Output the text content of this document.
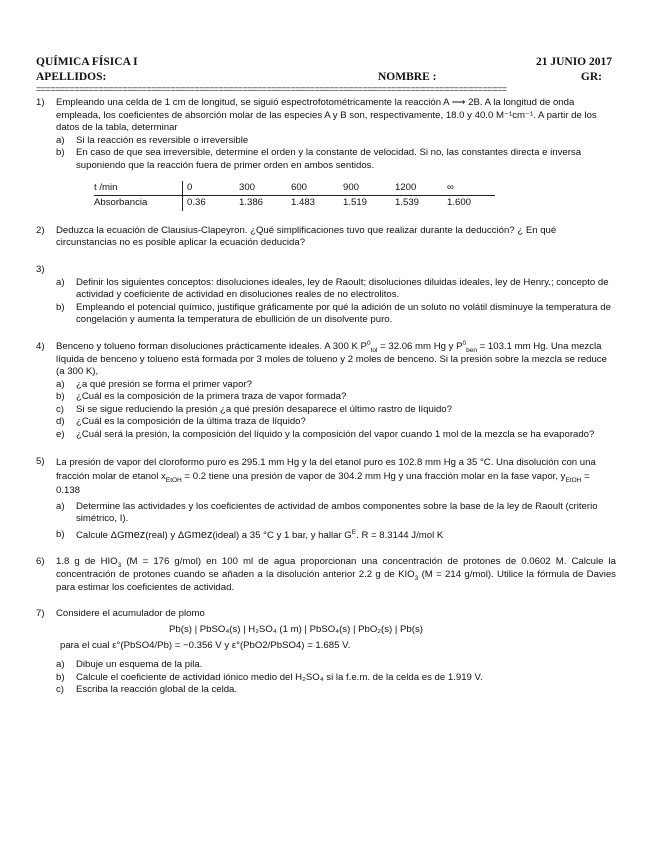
QUÍMICA FÍSICA I	21 JUNIO 2017
APELLIDOS:	NOMBRE :	GR:
==================================================================================================
1) Empleando una celda de 1 cm de longitud, se siguió espectrofotométricamente la reacción A ⟶ 2B. A la longitud de onda empleada, los coeficientes de absorción molar de las especies A y B son, respectivamente, 18.0 y 40.0 M⁻¹cm⁻¹. A partir de los datos de la tabla, determinar
a) Si la reacción es reversible o irreversible
b) En caso de que sea irreversible, determine el orden y la constante de velocidad. Si no, las constantes directa e inversa suponiendo que la reacción fuera de primer orden en ambos sentidos.
t /min	0	300	600	900	1200	∞
Absorbancia	0.36	1.386	1.483	1.519	1.539	1.600
2) Deduzca la ecuación de Clausius-Clapeyron. ¿Qué simplificaciones tuvo que realizar durante la deducción? ¿ En qué circunstancias no es posible aplicar la ecuación deducida?
3)
a) Definir los siguientes conceptos: disoluciones ideales, ley de Raoult; disoluciones diluidas ideales, ley de Henry.; concepto de actividad y coeficiente de actividad en disoluciones reales de no electrolitos.
b) Empleando el potencial químico, justifique gráficamente por qué la adición de un soluto no volátil disminuye la temperatura de congelación y aumenta la temperatura de ebullición de un disolvente puro.
4) Benceno y tolueno forman disoluciones prácticamente ideales. A 300 K $P^0_{tol} = 32.06$ mm Hg y $P^0_{ben} = 103.1$ mm Hg. Una mezcla líquida de benceno y tolueno está formada por 3 moles de tolueno y 2 moles de benceno. Si la presión sobre la mezcla se reduce (a 300 K),
a) ¿a qué presión se forma el primer vapor?
b) ¿Cuál es la composición de la primera traza de vapor formada?
c) Si se sigue reduciendo la presión ¿a qué presión desaparece el último rastro de líquido?
d) ¿Cuál es la composición de la última traza de líquido?
e) ¿Cuál será la presión, la composición del líquido y la composición del vapor cuando 1 mol de la mezcla se ha evaporado?
5) La presión de vapor del cloroformo puro es 295.1 mm Hg y la del etanol puro es 102.8 mm Hg a 35 °C. Una disolución con una fracción molar de etanol $x_{EtOH} = 0.2$ tiene una presión de vapor de 304.2 mm Hg y una fracción molar en la fase vapor, $y_{EtOH} = 0.138$
a) Determine las actividades y los coeficientes de actividad de ambos componentes sobre la base de la ley de Raoult (criterio simétrico, I).
b) Calcule ΔGmez(real) y ΔGmez(ideal) a 35 °C y 1 bar, y hallar $G^E$. R = 8.3144 J/mol K
6) 1.8 g de $HIO_3$ (M = 176 g/mol) en 100 ml de agua proporcionan una concentración de protones de 0.0602 M. Calcule la concentración de protones cuando se añaden a la disolución anterior 2.2 g de $KIO_3$ (M = 214 g/mol). Utilice la fórmula de Davies para estimar los coeficientes de actividad.
7) Considere el acumulador de plomo
Pb(s) | PbSO₄(s) | H₂SO₄ (1 m) | PbSO₄(s) | PbO₂(s) | Pb(s)
para el cual ε°(PbSO4/Pb) = −0.356 V y ε°(PbO2/PbSO4) = 1.685 V.
a) Dibuje un esquema de la pila.
b) Calcule el coeficiente de actividad iónico medio del H₂SO₄ si la f.e.m. de la celda es de 1.919 V.
c) Escriba la reacción global de la celda.
